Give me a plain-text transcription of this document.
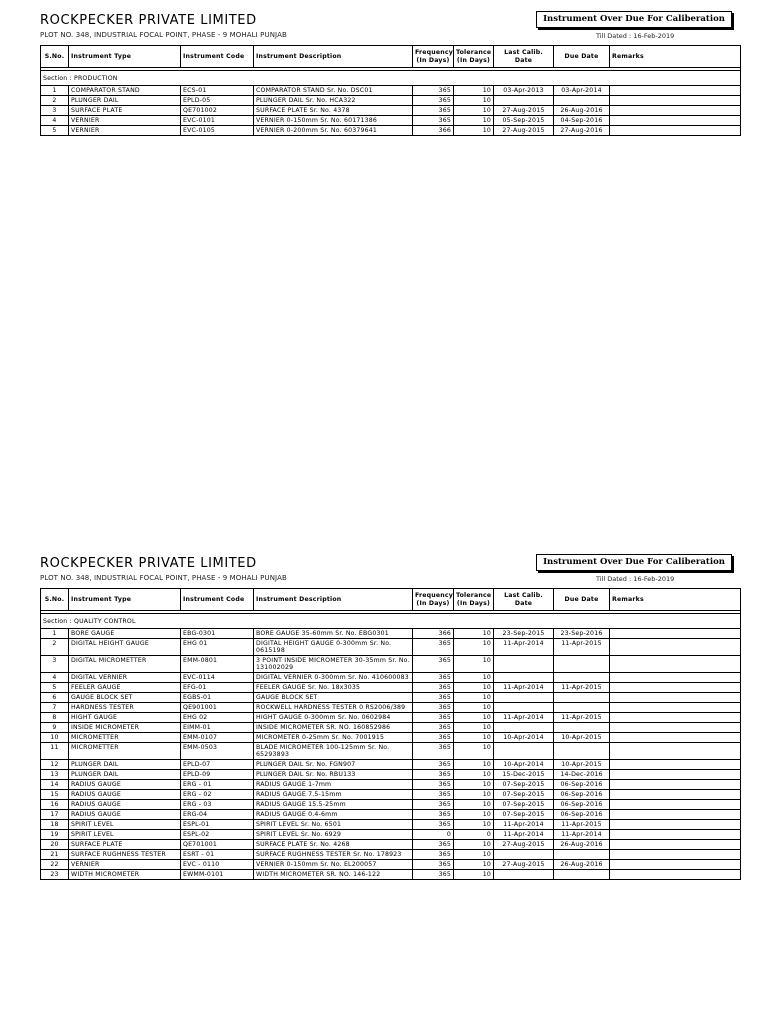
ROCKPECKER PRIVATE LIMITED
PLOT NO. 348, INDUSTRIAL FOCAL POINT, PHASE - 9 MOHALI PUNJAB
Instrument Over Due For Caliberation
Till Dated : 16-Feb-2019
S.No.	Instrument Type	Instrument Code	Instrument Description	Frequency (In Days)	Tolerance (In Days)	Last Calib. Date	Due Date	Remarks

Section : PRODUCTION								
1	COMPARATOR STAND	ECS-01	COMPARATOR STAND Sr. No. DSC01	365	10	03-Apr-2013	03-Apr-2014	
2	PLUNGER DAIL	EPLD-05	PLUNGER DAIL Sr. No. HCA322	365	10			
3	SURFACE PLATE	QE701002	SURFACE PLATE Sr. No. 4378	365	10	27-Aug-2015	26-Aug-2016	
4	VERNIER	EVC-0101	VERNIER 0-150mm Sr. No. 60171386	365	10	05-Sep-2015	04-Sep-2016	
5	VERNIER	EVC-0105	VERNIER 0-200mm Sr. No. 60379641	366	10	27-Aug-2015	27-Aug-2016	
ROCKPECKER PRIVATE LIMITED
PLOT NO. 348, INDUSTRIAL FOCAL POINT, PHASE - 9 MOHALI PUNJAB
Instrument Over Due For Caliberation
Till Dated : 16-Feb-2019
S.No.	Instrument Type	Instrument Code	Instrument Description	Frequency (In Days)	Tolerance (In Days)	Last Calib. Date	Due Date	Remarks

Section : QUALITY CONTROL								
1	BORE GAUGE	EBG-0301	BORE GAUGE 35-60mm Sr. No. EBG0301	366	10	23-Sep-2015	23-Sep-2016	
2	DIGITAL HEIGHT GAUGE	EHG 01	DIGITAL HEIGHT GAUGE 0-300mm Sr. No. 0615198	365	10	11-Apr-2014	11-Apr-2015	
3	DIGITAL MICROMETTER	EMM-0801	3 POINT INSIDE MICROMETER 30-35mm Sr. No. 131002029	365	10			
4	DIGITAL VERNIER	EVC-0114	DIGITAL VERNIER 0-300mm Sr. No. 410600083	365	10			
5	FEELER GAUGE	EFG-01	FEELER GAUGE Sr. No. 18x3035	365	10	11-Apr-2014	11-Apr-2015	
6	GAUGE BLOCK SET	EGBS-01	GAUGE BLOCK SET	365	10			
7	HARDNESS TESTER	QE901001	ROCKWELL HARDNESS TESTER 0 RS2006/389	365	10			
8	HIGHT GAUGE	EHG 02	HIGHT GAUGE 0-300mm Sr. No. 0602984	365	10	11-Apr-2014	11-Apr-2015	
9	INSIDE MICROMETER	EIMM-01	INSIDE MICROMETER SR. NO. 160852986	365	10			
10	MICROMETTER	EMM-0107	MICROMETER 0-25mm Sr. No. 7001915	365	10	10-Apr-2014	10-Apr-2015	
11	MICROMETTER	EMM-0503	BLADE MICROMETER 100-125mm Sr. No. 65293893	365	10			
12	PLUNGER DAIL	EPLD-07	PLUNGER DAIL Sr. No. FGN907	365	10	10-Apr-2014	10-Apr-2015	
13	PLUNGER DAIL	EPLD-09	PLUNGER DAIL Sr. No. RBU133	365	10	15-Dec-2015	14-Dec-2016	
14	RADIUS GAUGE	ERG - 01	RADIUS GAUGE 1-7mm	365	10	07-Sep-2015	06-Sep-2016	
15	RADIUS GAUGE	ERG - 02	RADIUS GAUGE 7.5-15mm	365	10	07-Sep-2015	06-Sep-2016	
16	RADIUS GAUGE	ERG - 03	RADIUS GAUGE 15.5-25mm	365	10	07-Sep-2015	06-Sep-2016	
17	RADIUS GAUGE	ERG-04	RADIUS GAUGE 0.4-6mm	365	10	07-Sep-2015	06-Sep-2016	
18	SPIRIT LEVEL	ESPL-01	SPIRIT LEVEL Sr. No. 6501	365	10	11-Apr-2014	11-Apr-2015	
19	SPIRIT LEVEL	ESPL-02	SPIRIT LEVEL Sr. No. 6929	0	0	11-Apr-2014	11-Apr-2014	
20	SURFACE PLATE	QE701001	SURFACE PLATE Sr. No. 4268	365	10	27-Aug-2015	26-Aug-2016	
21	SURFACE RUGHNESS TESTER	ESRT - 01	SURFACE RUGHNESS TESTER Sr. No. 178923	365	10			
22	VERNIER	EVC - 0110	VERNIER 0-150mm Sr. No. EL200057	365	10	27-Aug-2015	26-Aug-2016	
23	WIDTH MICROMETER	EWMM-0101	WIDTH MICROMETER SR. NO. 146-122	365	10			
